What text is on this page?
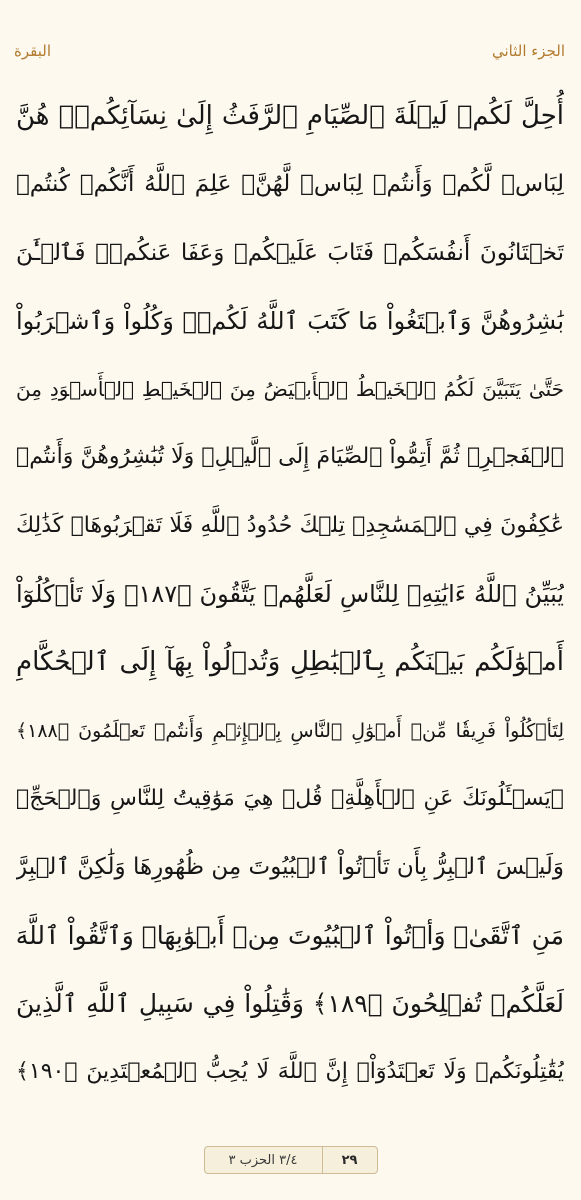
الجزء الثاني
البقرة
أُحِلَّ لَكُمۡ لَيۡلَةَ ٱلصِّيَامِ ٱلرَّفَثُ إِلَىٰ نِسَآئِكُمۡۚ هُنَّ
لِبَاسٞ لَّكُمۡ وَأَنتُمۡ لِبَاسٞ لَّهُنَّۗ عَلِمَ ٱللَّهُ أَنَّكُمۡ كُنتُمۡ
تَخۡتَانُونَ أَنفُسَكُمۡ فَتَابَ عَلَيۡكُمۡ وَعَفَا عَنكُمۡۖ فَٱلۡـَٰٔنَ
بَٰشِرُوهُنَّ وَٱبۡتَغُواْ مَا كَتَبَ ٱللَّهُ لَكُمۡۚ وَكُلُواْ وَٱشۡرَبُواْ
حَتَّىٰ يَتَبَيَّنَ لَكُمُ ٱلۡخَيۡطُ ٱلۡأَبۡيَضُ مِنَ ٱلۡخَيۡطِ ٱلۡأَسۡوَدِ مِنَ
ٱلۡفَجۡرِۖ ثُمَّ أَتِمُّواْ ٱلصِّيَامَ إِلَى ٱلَّيۡلِۚ وَلَا تُبَٰشِرُوهُنَّ وَأَنتُمۡ
عَٰكِفُونَ فِي ٱلۡمَسَٰجِدِۗ تِلۡكَ حُدُودُ ٱللَّهِ فَلَا تَقۡرَبُوهَاۗ كَذَٰلِكَ
يُبَيِّنُ ٱللَّهُ ءَايَٰتِهِۦ لِلنَّاسِ لَعَلَّهُمۡ يَتَّقُونَ ﴿١٨٧﴾ وَلَا تَأۡكُلُوٓاْ
أَمۡوَٰلَكُم بَيۡنَكُم بِٱلۡبَٰطِلِ وَتُدۡلُواْ بِهَآ إِلَى ٱلۡحُكَّامِ
لِتَأۡكُلُواْ فَرِيقٗا مِّنۡ أَمۡوَٰلِ ٱلنَّاسِ بِٱلۡإِثۡمِ وَأَنتُمۡ تَعۡلَمُونَ ﴿١٨٨﴾
۞يَسۡـَٔلُونَكَ عَنِ ٱلۡأَهِلَّةِۖ قُلۡ هِيَ مَوَٰقِيتُ لِلنَّاسِ وَٱلۡحَجِّۗ
وَلَيۡسَ ٱلۡبِرُّ بِأَن تَأۡتُواْ ٱلۡبُيُوتَ مِن ظُهُورِهَا وَلَٰكِنَّ ٱلۡبِرَّ
مَنِ ٱتَّقَىٰۗ وَأۡتُواْ ٱلۡبُيُوتَ مِنۡ أَبۡوَٰبِهَاۚ وَٱتَّقُواْ ٱللَّهَ
لَعَلَّكُمۡ تُفۡلِحُونَ ﴿١٨٩﴾ وَقَٰتِلُواْ فِي سَبِيلِ ٱللَّهِ ٱلَّذِينَ
يُقَٰتِلُونَكُمۡ وَلَا تَعۡتَدُوٓاْۚ إِنَّ ٱللَّهَ لَا يُحِبُّ ٱلۡمُعۡتَدِينَ ﴿١٩٠﴾
٢٩
٣/٤ الحزب ٣
